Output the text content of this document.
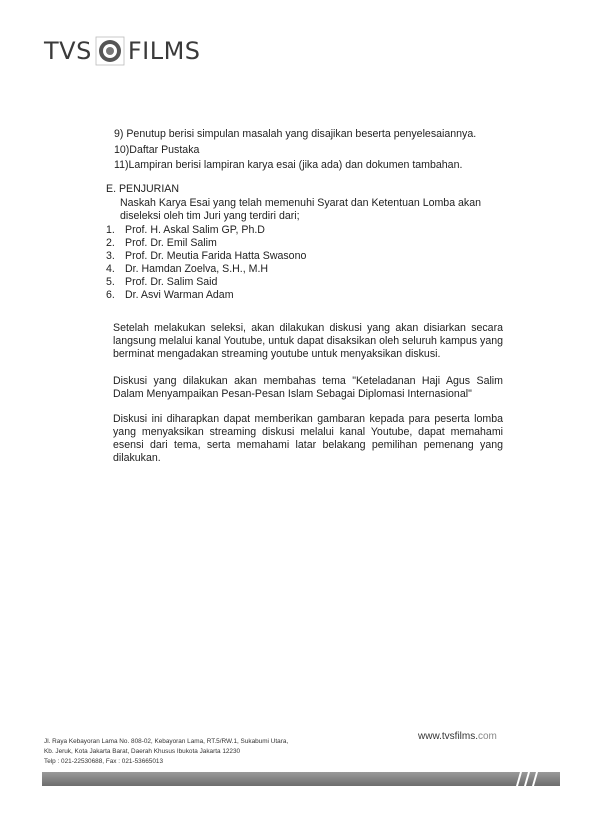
TVS FILMS
9) Penutup berisi simpulan masalah yang disajikan beserta penyelesaiannya.
10)Daftar Pustaka
11)Lampiran berisi lampiran karya esai (jika ada) dan dokumen tambahan.
E. PENJURIAN
Naskah Karya Esai yang telah memenuhi Syarat dan Ketentuan Lomba akan diseleksi oleh tim Juri yang terdiri dari;
1. Prof. H. Askal Salim GP, Ph.D
2. Prof. Dr. Emil Salim
3. Prof. Dr. Meutia Farida Hatta Swasono
4. Dr. Hamdan Zoelva, S.H., M.H
5. Prof. Dr. Salim Said
6. Dr. Asvi Warman Adam
Setelah melakukan seleksi, akan dilakukan diskusi yang akan disiarkan secara langsung melalui kanal Youtube, untuk dapat disaksikan oleh seluruh kampus yang berminat mengadakan streaming youtube untuk menyaksikan diskusi.
Diskusi yang dilakukan akan membahas tema "Keteladanan Haji Agus Salim Dalam Menyampaikan Pesan-Pesan Islam Sebagai Diplomasi Internasional"
Diskusi ini diharapkan dapat memberikan gambaran kepada para peserta lomba yang menyaksikan streaming diskusi melalui kanal Youtube, dapat memahami esensi dari tema, serta memahami latar belakang pemilihan pemenang yang dilakukan.
Jl. Raya Kebayoran Lama No. 808-02, Kebayoran Lama, RT.5/RW.1, Sukabumi Utara,
Kb. Jeruk, Kota Jakarta Barat, Daerah Khusus Ibukota Jakarta 12230
Telp : 021-22530688, Fax : 021-53665013
www.tvsfilms.com
